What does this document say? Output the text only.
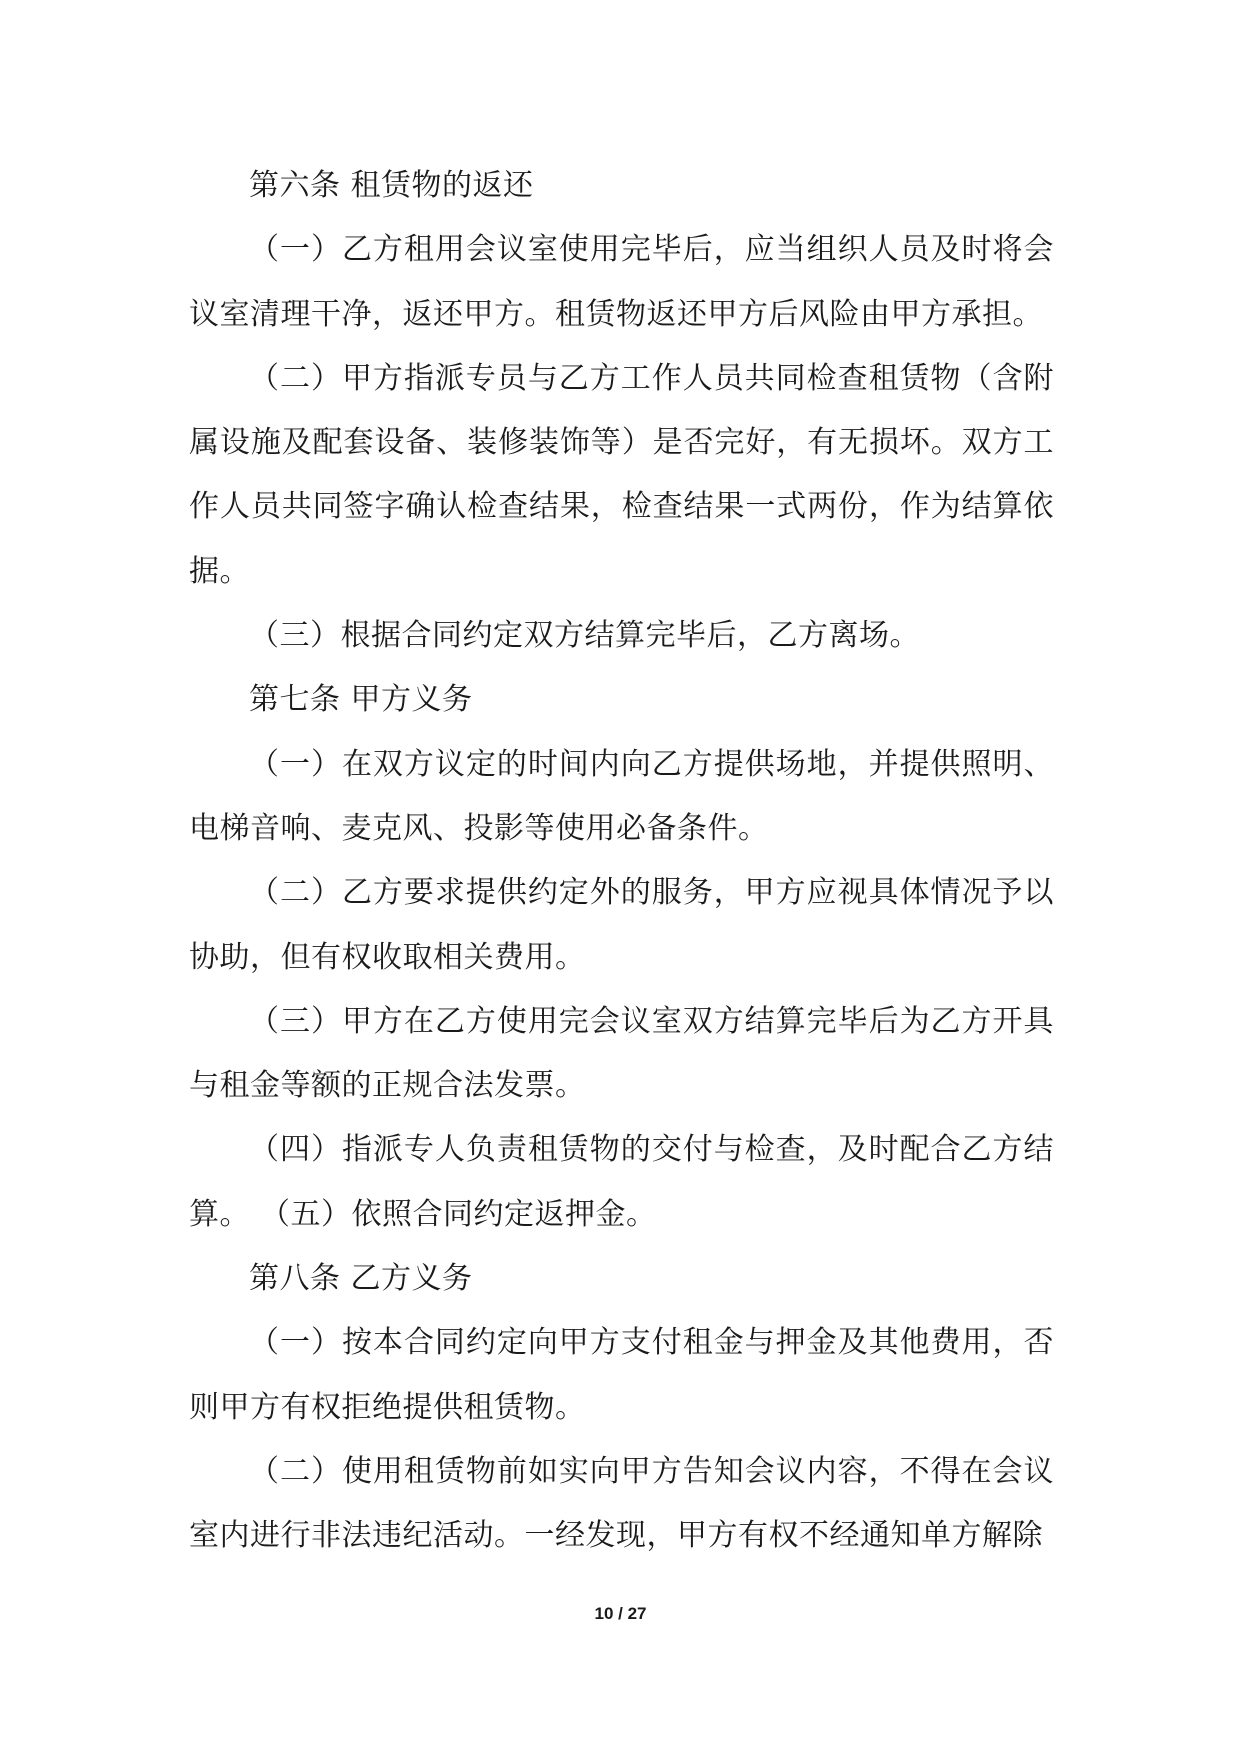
第六条 租赁物的返还

（一）乙方租用会议室使用完毕后，应当组织人员及时将会议室清理干净，返还甲方。租赁物返还甲方后风险由甲方承担。

（二）甲方指派专员与乙方工作人员共同检查租赁物（含附属设施及配套设备、装修装饰等）是否完好，有无损坏。双方工作人员共同签字确认检查结果，检查结果一式两份，作为结算依据。

（三）根据合同约定双方结算完毕后，乙方离场。

第七条 甲方义务

（一）在双方议定的时间内向乙方提供场地，并提供照明、电梯音响、麦克风、投影等使用必备条件。

（二）乙方要求提供约定外的服务，甲方应视具体情况予以协助，但有权收取相关费用。

（三）甲方在乙方使用完会议室双方结算完毕后为乙方开具与租金等额的正规合法发票。

（四）指派专人负责租赁物的交付与检查，及时配合乙方结算。 （五）依照合同约定返押金。

第八条 乙方义务

（一）按本合同约定向甲方支付租金与押金及其他费用，否则甲方有权拒绝提供租赁物。

（二）使用租赁物前如实向甲方告知会议内容，不得在会议室内进行非法违纪活动。一经发现，甲方有权不经通知单方解除

10 / 27
